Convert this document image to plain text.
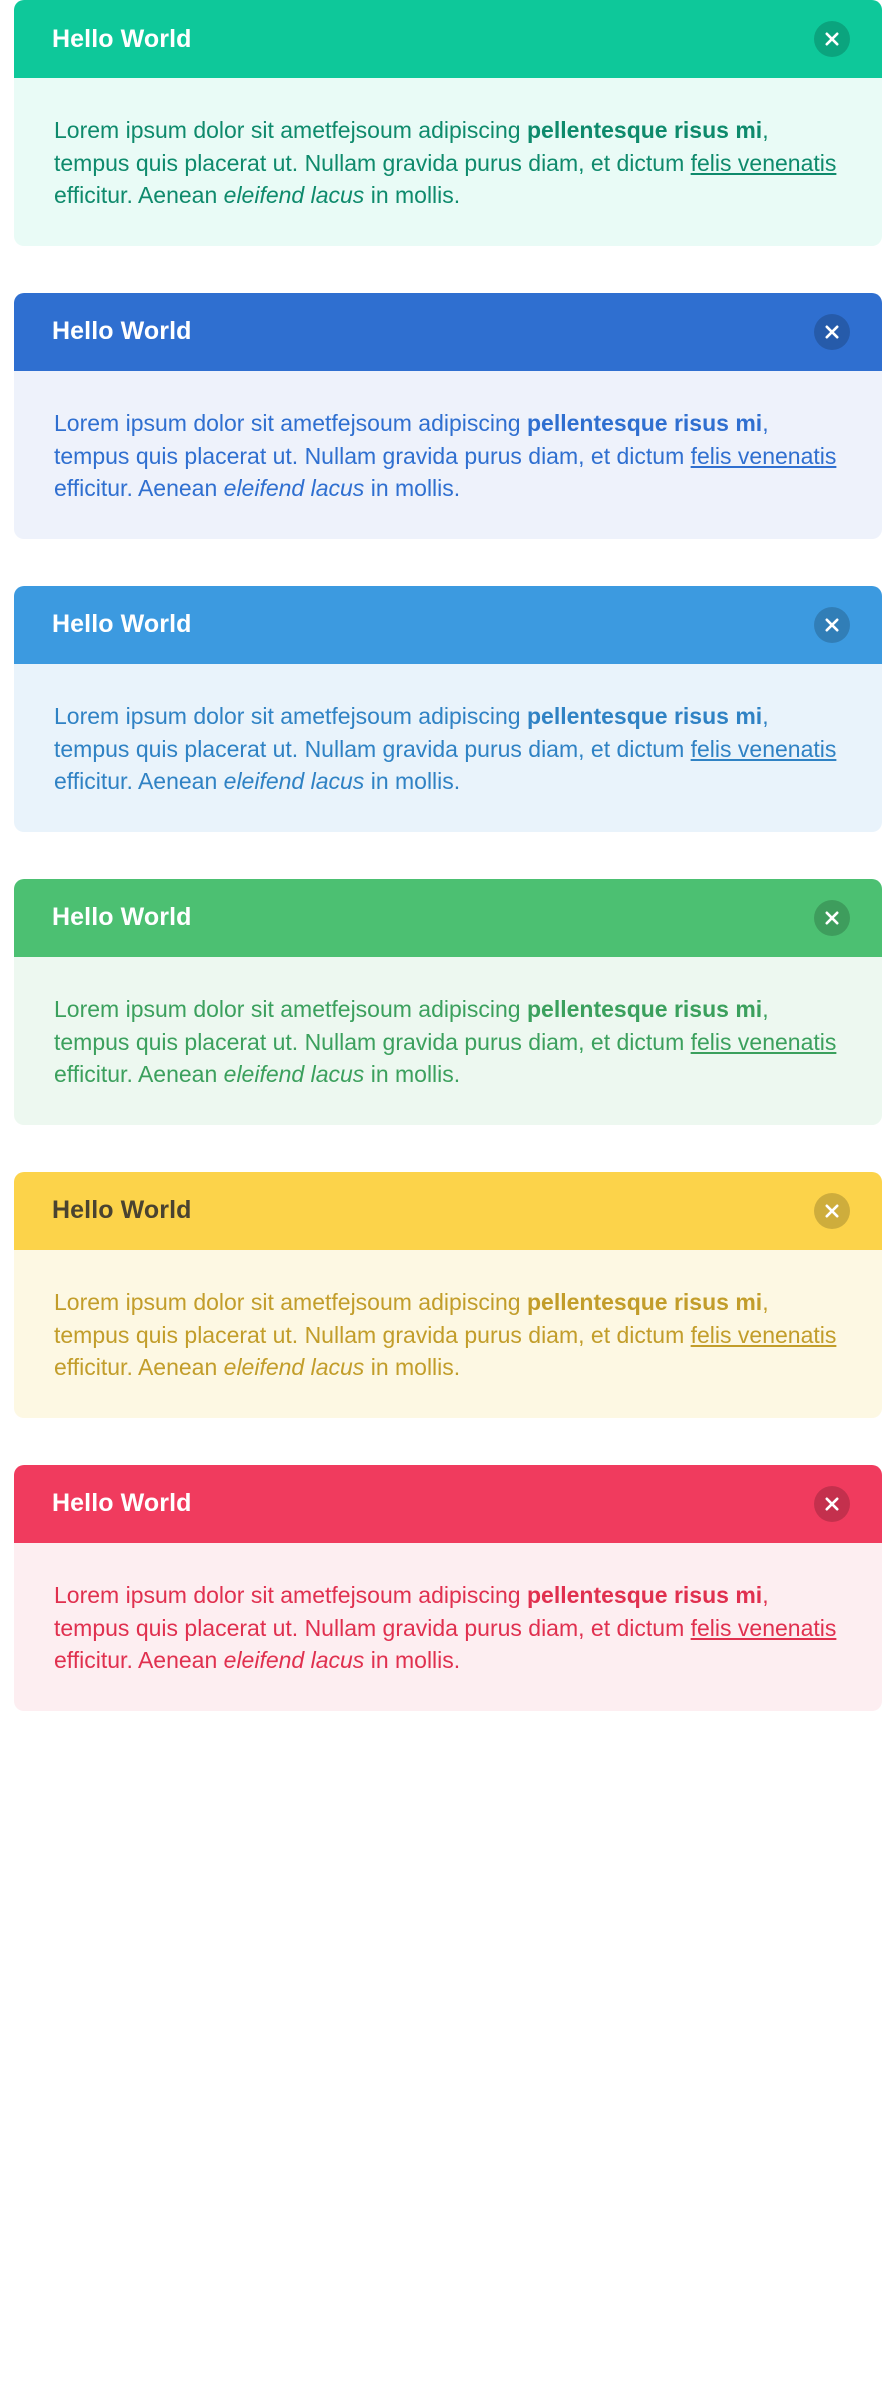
Hello World

Lorem ipsum dolor sit ametfejsoum adipiscing pellentesque risus mi, tempus quis placerat ut. Nullam gravida purus diam, et dictum felis venenatis efficitur. Aenean eleifend lacus in mollis.

Hello World

Lorem ipsum dolor sit ametfejsoum adipiscing pellentesque risus mi, tempus quis placerat ut. Nullam gravida purus diam, et dictum felis venenatis efficitur. Aenean eleifend lacus in mollis.

Hello World

Lorem ipsum dolor sit ametfejsoum adipiscing pellentesque risus mi, tempus quis placerat ut. Nullam gravida purus diam, et dictum felis venenatis efficitur. Aenean eleifend lacus in mollis.

Hello World

Lorem ipsum dolor sit ametfejsoum adipiscing pellentesque risus mi, tempus quis placerat ut. Nullam gravida purus diam, et dictum felis venenatis efficitur. Aenean eleifend lacus in mollis.

Hello World

Lorem ipsum dolor sit ametfejsoum adipiscing pellentesque risus mi, tempus quis placerat ut. Nullam gravida purus diam, et dictum felis venenatis efficitur. Aenean eleifend lacus in mollis.

Hello World

Lorem ipsum dolor sit ametfejsoum adipiscing pellentesque risus mi, tempus quis placerat ut. Nullam gravida purus diam, et dictum felis venenatis efficitur. Aenean eleifend lacus in mollis.
